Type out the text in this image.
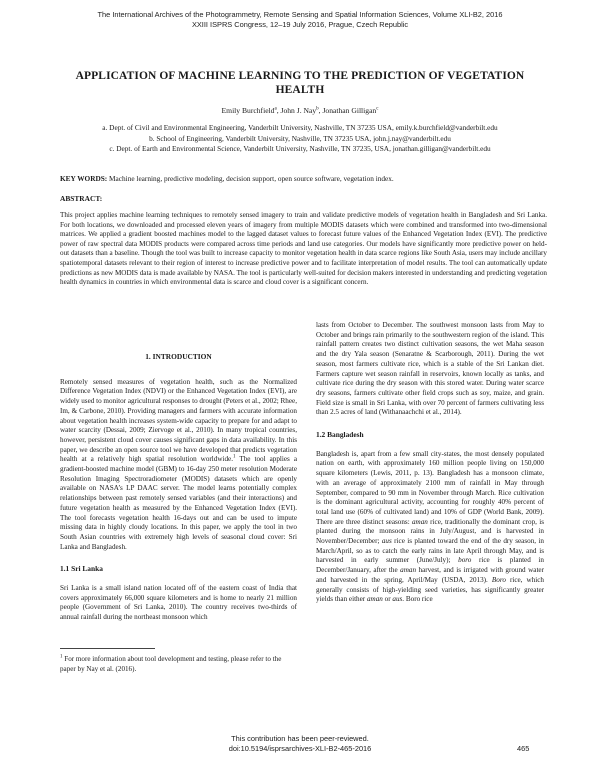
The International Archives of the Photogrammetry, Remote Sensing and Spatial Information Sciences, Volume XLI-B2, 2016
XXIII ISPRS Congress, 12–19 July 2016, Prague, Czech Republic
APPLICATION OF MACHINE LEARNING TO THE PREDICTION OF VEGETATION HEALTH
Emily Burchfield$^a$, John J. Nay$^b$, Jonathan Gilligan$^c$
a. Dept. of Civil and Environmental Engineering, Vanderbilt University, Nashville, TN 37235 USA, emily.k.burchfield@vanderbilt.edu
b. School of Engineering, Vanderbilt University, Nashville, TN 37235 USA, john.j.nay@vanderbilt.edu
c. Dept. of Earth and Environmental Science, Vanderbilt University, Nashville, TN 37235, USA, jonathan.gilligan@vanderbilt.edu
KEY WORDS: Machine learning, predictive modeling, decision support, open source software, vegetation index.
ABSTRACT:
This project applies machine learning techniques to remotely sensed imagery to train and validate predictive models of vegetation health in Bangladesh and Sri Lanka. For both locations, we downloaded and processed eleven years of imagery from multiple MODIS datasets which were combined and transformed into two-dimensional matrices. We applied a gradient boosted machines model to the lagged dataset values to forecast future values of the Enhanced Vegetation Index (EVI). The predictive power of raw spectral data MODIS products were compared across time periods and land use categories. Our models have significantly more predictive power on held-out datasets than a baseline. Though the tool was built to increase capacity to monitor vegetation health in data scarce regions like South Asia, users may include ancillary spatiotemporal datasets relevant to their region of interest to increase predictive power and to facilitate interpretation of model results. The tool can automatically update predictions as new MODIS data is made available by NASA. The tool is particularly well-suited for decision makers interested in understanding and predicting vegetation health dynamics in countries in which environmental data is scarce and cloud cover is a significant concern.
1. INTRODUCTION

Remotely sensed measures of vegetation health, such as the Normalized Difference Vegetation Index (NDVI) or the Enhanced Vegetation Index (EVI), are widely used to monitor agricultural responses to drought (Peters et al., 2002; Rhee, Im, & Carbone, 2010). Providing managers and farmers with accurate information about vegetation health increases system-wide capacity to prepare for and adapt to water scarcity (Dessai, 2009; Ziervoge et al., 2010). In many tropical countries, however, persistent cloud cover causes significant gaps in data availability. In this paper, we describe an open source tool we have developed that predicts vegetation health at a relatively high spatial resolution worldwide.$^1$ The tool applies a gradient-boosted machine model (GBM) to 16-day 250 meter resolution Moderate Resolution Imaging Spectroradiometer (MODIS) datasets which are openly available on NASA’s LP DAAC server. The model learns potentially complex relationships between past remotely sensed variables (and their interactions) and future vegetation health as measured by the Enhanced Vegetation Index (EVI). The tool forecasts vegetation health 16-days out and can be used to impute missing data in highly cloudy locations. In this paper, we apply the tool in two South Asian countries with extremely high levels of seasonal cloud cover: Sri Lanka and Bangladesh.

1.1 Sri Lanka

Sri Lanka is a small island nation located off of the eastern coast of India that covers approximately 66,000 square kilometers and is home to nearly 21 million people (Government of Sri Lanka, 2010). The country receives two-thirds of annual rainfall during the northeast monsoon which

lasts from October to December. The southwest monsoon lasts from May to October and brings rain primarily to the southwestern region of the island. This rainfall pattern creates two distinct cultivation seasons, the wet Maha season and the dry Yala season (Senaratne & Scarborough, 2011). During the wet season, most farmers cultivate rice, which is a stable of the Sri Lankan diet. Farmers capture wet season rainfall in reservoirs, known locally as tanks, and cultivate rice during the dry season with this stored water. During water scarce dry seasons, farmers cultivate other field crops such as soy, maize, and grain. Field size is small in Sri Lanka, with over 70 percent of farmers cultivating less than 2.5 acres of land (Withanaachchi et al., 2014).

1.2 Bangladesh

Bangladesh is, apart from a few small city-states, the most densely populated nation on earth, with approximately 160 million people living on 150,000 square kilometers (Lewis, 2011, p. 13). Bangladesh has a monsoon climate, with an average of approximately 2100 mm of rainfall in May through September, compared to 90 mm in November through March. Rice cultivation is the dominant agricultural activity, accounting for roughly 40% percent of total land use (60% of cultivated land) and 10% of GDP (World Bank, 2009). There are three distinct seasons: aman rice, traditionally the dominant crop, is planted during the monsoon rains in July/August, and is harvested in November/December; aus rice is planted toward the end of the dry season, in March/April, so as to catch the early rains in late April through May, and is harvested in early summer (June/July); boro rice is planted in December/January, after the aman harvest, and is irrigated with ground water and harvested in the spring, April/May (USDA, 2013). Boro rice, which generally consists of high-yielding seed varieties, has significantly greater yields than either aman or aus. Boro rice

$^1$ For more information about tool development and testing, please refer to the paper by Nay et al. (2016).
This contribution has been peer-reviewed.
doi:10.5194/isprsarchives-XLI-B2-465-2016	465
